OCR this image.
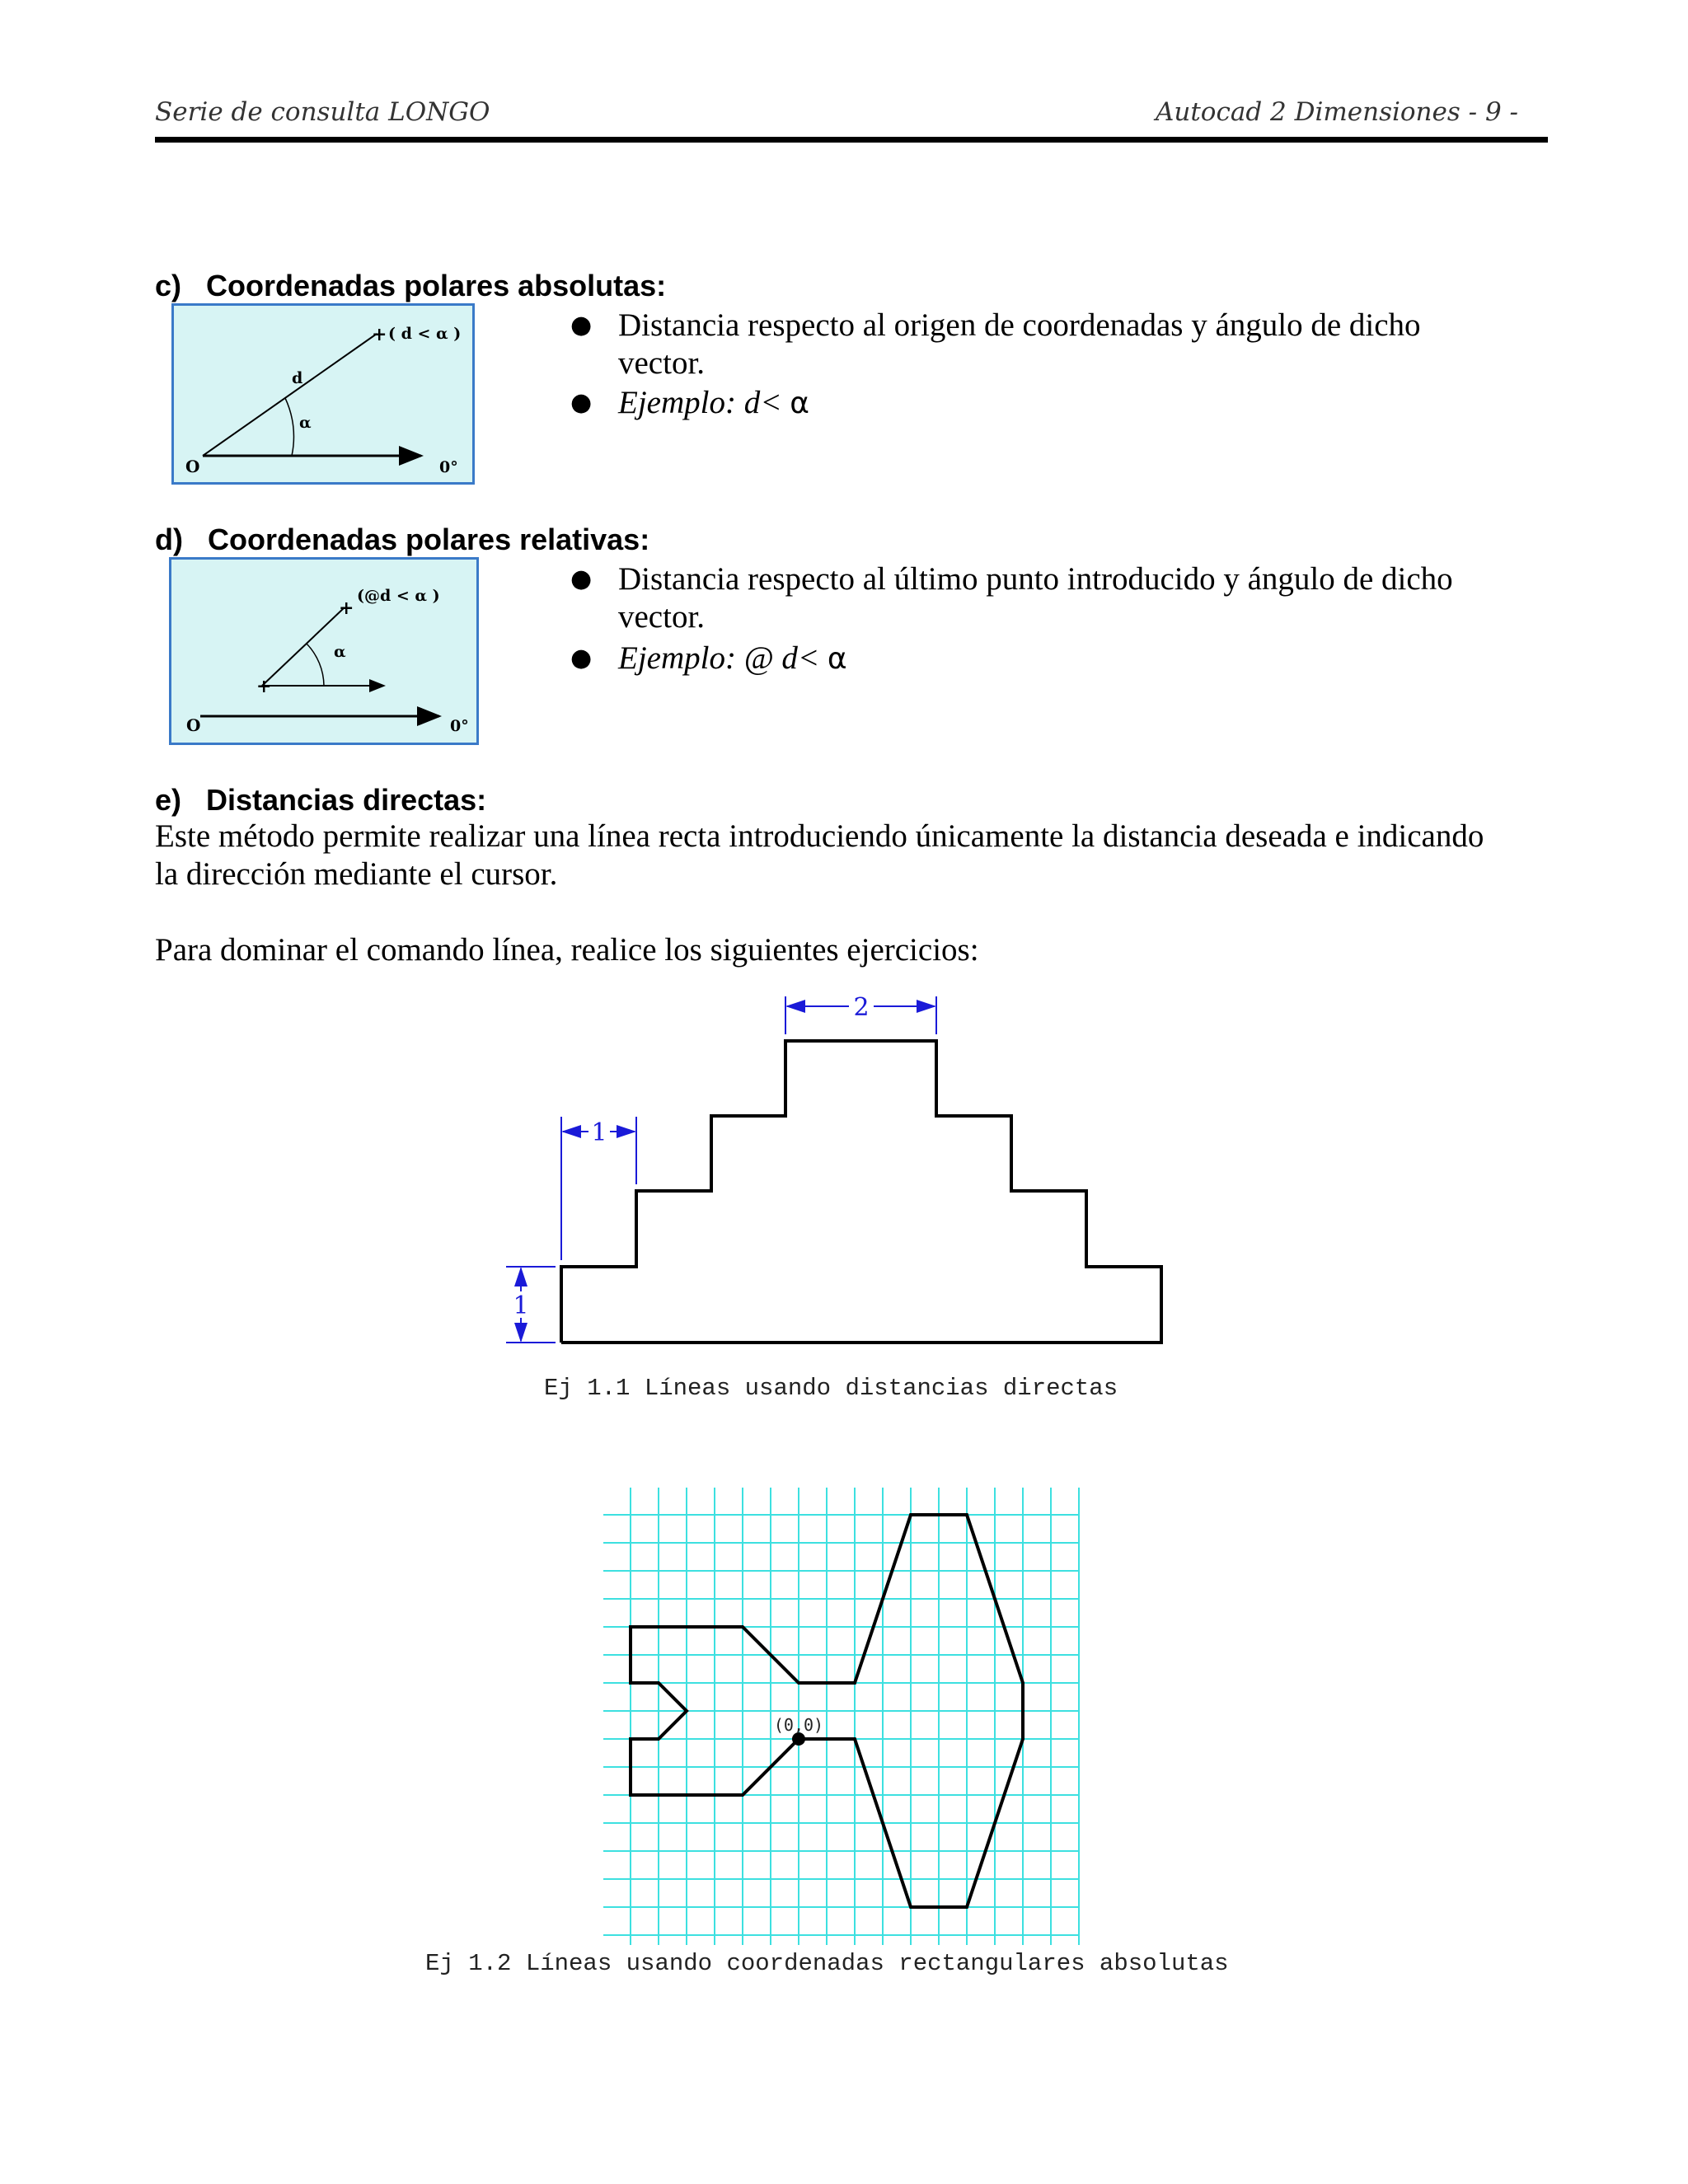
Serie de consulta LONGO	Autocad 2 Dimensiones - 9 -
c)   Coordenadas polares absolutas:
+ ( d < α )
d
α
O	0°
● Distancia respecto al origen de coordenadas y ángulo de dicho
vector.
● Ejemplo: d< α
d)   Coordenadas polares relativas:
+
+
(@d < α )
α
O	0°
● Distancia respecto al último punto introducido y ángulo de dicho
vector.
● Ejemplo: @ d< α
e)   Distancias directas:
Este método permite realizar una línea recta introduciendo únicamente la distancia deseada e indicando
la dirección mediante el cursor.
Para dominar el comando línea, realice los siguientes ejercicios:
2
1
1
Ej 1.1 Líneas usando distancias directas
(0,0)
Ej 1.2 Líneas usando coordenadas rectangulares absolutas
